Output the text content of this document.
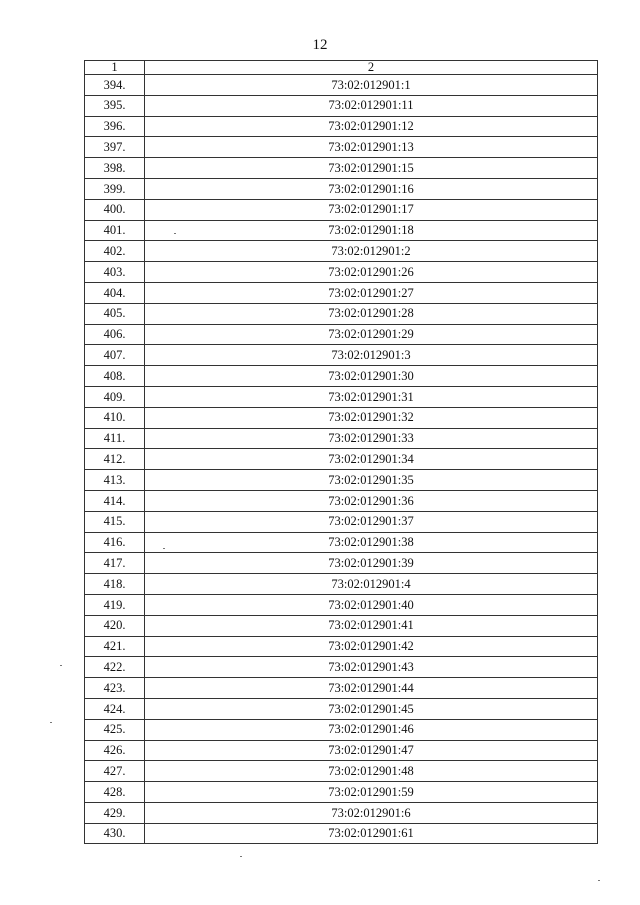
12
1	2
394.	73:02:012901:1
395.	73:02:012901:11
396.	73:02:012901:12
397.	73:02:012901:13
398.	73:02:012901:15
399.	73:02:012901:16
400.	73:02:012901:17
401.	73:02:012901:18
402.	73:02:012901:2
403.	73:02:012901:26
404.	73:02:012901:27
405.	73:02:012901:28
406.	73:02:012901:29
407.	73:02:012901:3
408.	73:02:012901:30
409.	73:02:012901:31
410.	73:02:012901:32
411.	73:02:012901:33
412.	73:02:012901:34
413.	73:02:012901:35
414.	73:02:012901:36
415.	73:02:012901:37
416.	73:02:012901:38
417.	73:02:012901:39
418.	73:02:012901:4
419.	73:02:012901:40
420.	73:02:012901:41
421.	73:02:012901:42
422.	73:02:012901:43
423.	73:02:012901:44
424.	73:02:012901:45
425.	73:02:012901:46
426.	73:02:012901:47
427.	73:02:012901:48
428.	73:02:012901:59
429.	73:02:012901:6
430.	73:02:012901:61
